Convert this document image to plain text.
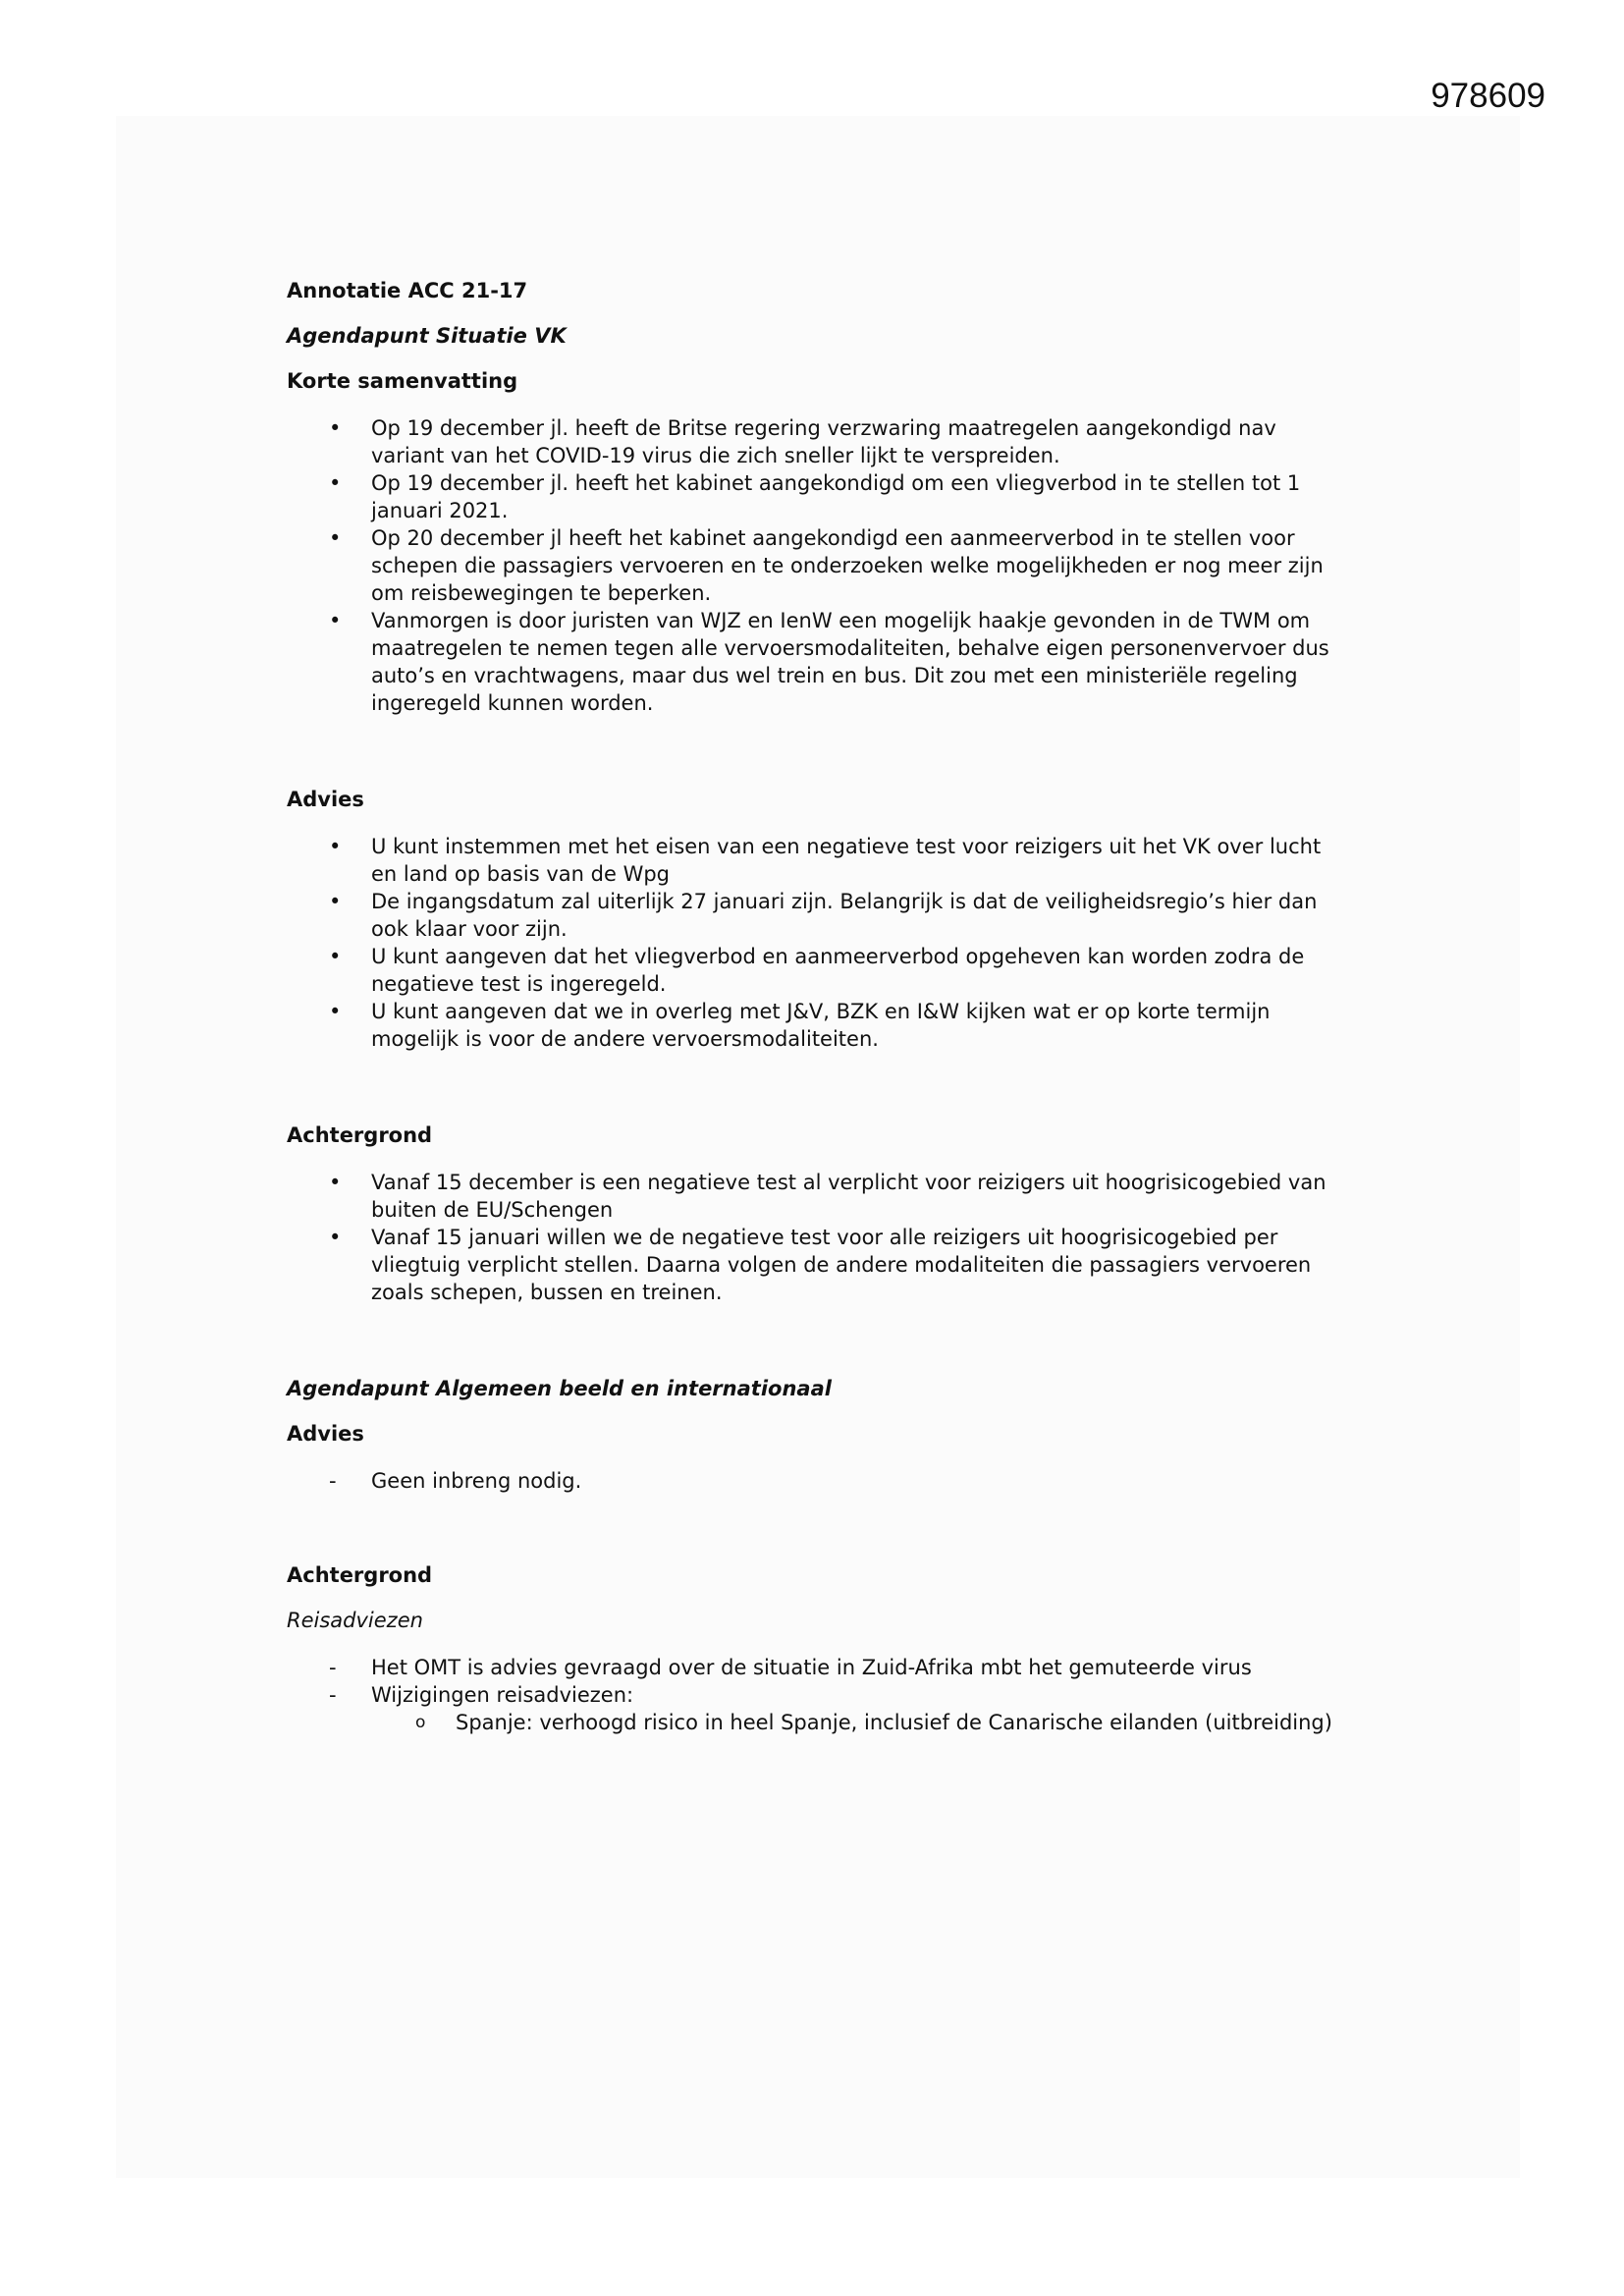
978609

Annotatie ACC 21-17

Agendapunt Situatie VK

Korte samenvatting

• Op 19 december jl. heeft de Britse regering verzwaring maatregelen aangekondigd nav variant van het COVID-19 virus die zich sneller lijkt te verspreiden.
• Op 19 december jl. heeft het kabinet aangekondigd om een vliegverbod in te stellen tot 1 januari 2021.
• Op 20 december jl heeft het kabinet aangekondigd een aanmeerverbod in te stellen voor schepen die passagiers vervoeren en te onderzoeken welke mogelijkheden er nog meer zijn om reisbewegingen te beperken.
• Vanmorgen is door juristen van WJZ en IenW een mogelijk haakje gevonden in de TWM om maatregelen te nemen tegen alle vervoersmodaliteiten, behalve eigen personenvervoer dus auto’s en vrachtwagens, maar dus wel trein en bus. Dit zou met een ministeriële regeling ingeregeld kunnen worden.

Advies

• U kunt instemmen met het eisen van een negatieve test voor reizigers uit het VK over lucht en land op basis van de Wpg
• De ingangsdatum zal uiterlijk 27 januari zijn. Belangrijk is dat de veiligheidsregio’s hier dan ook klaar voor zijn.
• U kunt aangeven dat het vliegverbod en aanmeerverbod opgeheven kan worden zodra de negatieve test is ingeregeld.
• U kunt aangeven dat we in overleg met J&V, BZK en I&W kijken wat er op korte termijn mogelijk is voor de andere vervoersmodaliteiten.

Achtergrond

• Vanaf 15 december is een negatieve test al verplicht voor reizigers uit hoogrisicogebied van buiten de EU/Schengen
• Vanaf 15 januari willen we de negatieve test voor alle reizigers uit hoogrisicogebied per vliegtuig verplicht stellen. Daarna volgen de andere modaliteiten die passagiers vervoeren zoals schepen, bussen en treinen.

Agendapunt Algemeen beeld en internationaal

Advies

- Geen inbreng nodig.

Achtergrond

Reisadviezen

- Het OMT is advies gevraagd over de situatie in Zuid-Afrika mbt het gemuteerde virus
- Wijzigingen reisadviezen:
o Spanje: verhoogd risico in heel Spanje, inclusief de Canarische eilanden (uitbreiding)
